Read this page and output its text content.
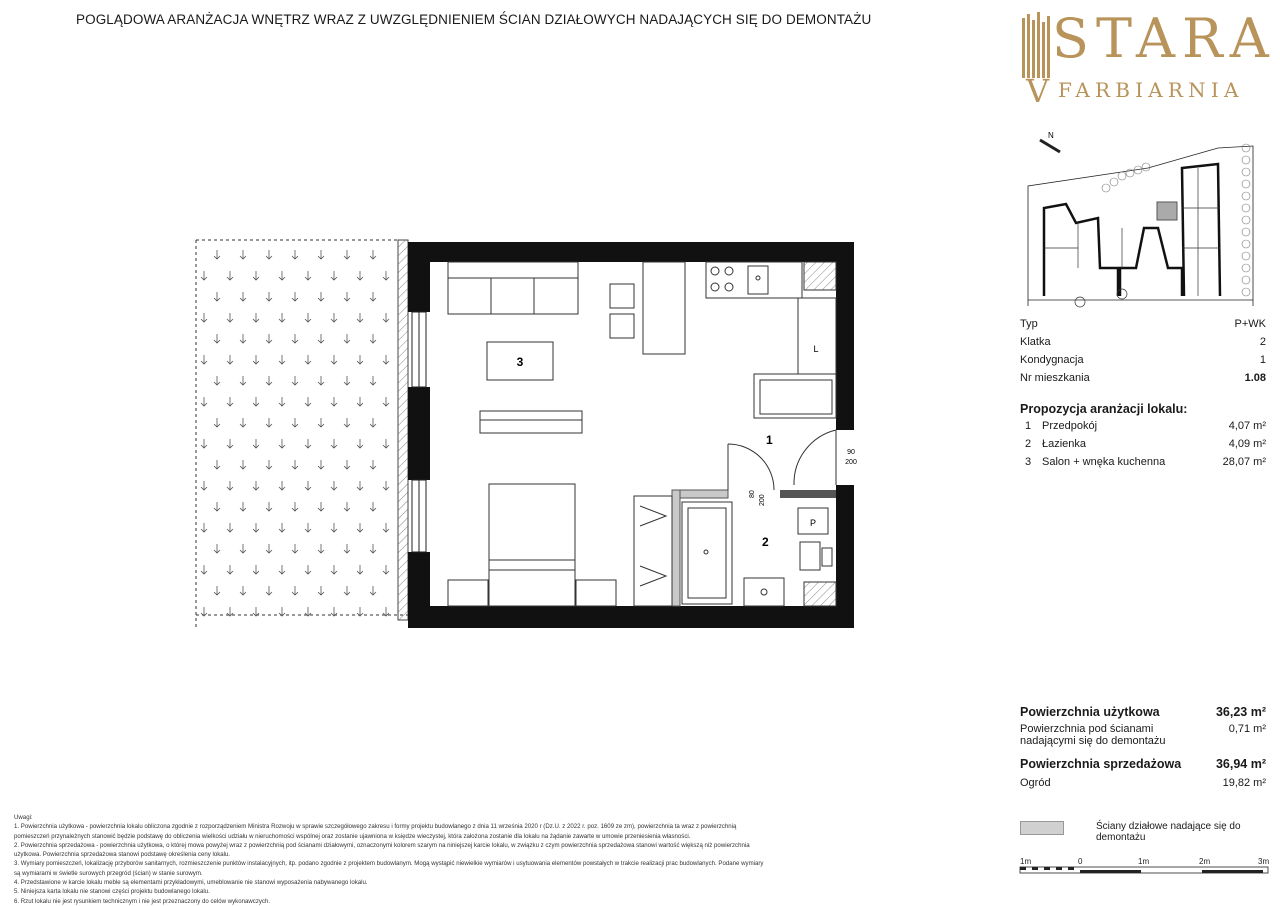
POGLĄDOWA ARANŻACJA WNĘTRZ WRAZ Z UWZGLĘDNIENIEM ŚCIAN DZIAŁOWYCH NADAJĄCYCH SIĘ DO DEMONTAŻU	STARA
V FARBIARNIA
3
L
90
200
80
200
1
2
P
N
Typ	P+WK
Klatka	2
Kondygnacja	1
Nr mieszkania	1.08
Propozycja aranżacji lokalu:
1 Przedpokój	4,07 m²
2 Łazienka	4,09 m²
3 Salon + wnęka kuchenna	28,07 m²
Powierzchnia użytkowa	36,23 m²
Powierzchnia pod ścianami
nadającymi się do demontażu
0,71 m²
Powierzchnia sprzedażowa	36,94 m²
Ogród	19,82 m²
Ściany działowe nadające się do demontażu
1m	0	1m	2m	3m
Uwagi:
1. Powierzchnia użytkowa - powierzchnia lokalu obliczona zgodnie z rozporządzeniem Ministra Rozwoju w sprawie szczegółowego zakresu i formy projektu budowlanego z dnia 11 września 2020 r (Dz.U. z 2022 r. poz. 1609 ze zm), powierzchnia ta wraz z powierzchnią
pomieszczeń przynależnych stanowić będzie podstawę do obliczenia wielkości udziału w nieruchomości wspólnej oraz zostanie ujawniona w księdze wieczystej, która założona zostanie dla lokalu na żądanie zawarte w umowie przeniesienia własności.
2. Powierzchnia sprzedażowa - powierzchnia użytkowa, o której mowa powyżej wraz z powierzchnią pod ścianami działowymi, oznaczonymi kolorem szarym na niniejszej karcie lokalu, w związku z czym powierzchnia sprzedażowa stanowi wartość większą niż powierzchnia
użytkowa. Powierzchnia sprzedażowa stanowi podstawę określenia ceny lokalu.
3. Wymiary pomieszczeń, lokalizację przyborów sanitarnych, rozmieszczenie punktów instalacyjnych, itp. podano zgodnie z projektem budowlanym. Mogą wystąpić niewielkie wymiarów i usytuowania elementów powstałych w trakcie realizacji prac budowlanych. Podane wymiary
są wymiarami w świetle surowych przegród (ścian) w stanie surowym.
4. Przedstawione w karcie lokalu meble są elementami przykładowymi, umeblowanie nie stanowi wyposażenia nabywanego lokalu.
5. Niniejsza karta lokalu nie stanowi części projektu budowlanego lokalu.
6. Rzut lokalu nie jest rysunkiem technicznym i nie jest przeznaczony do celów wykonawczych.
